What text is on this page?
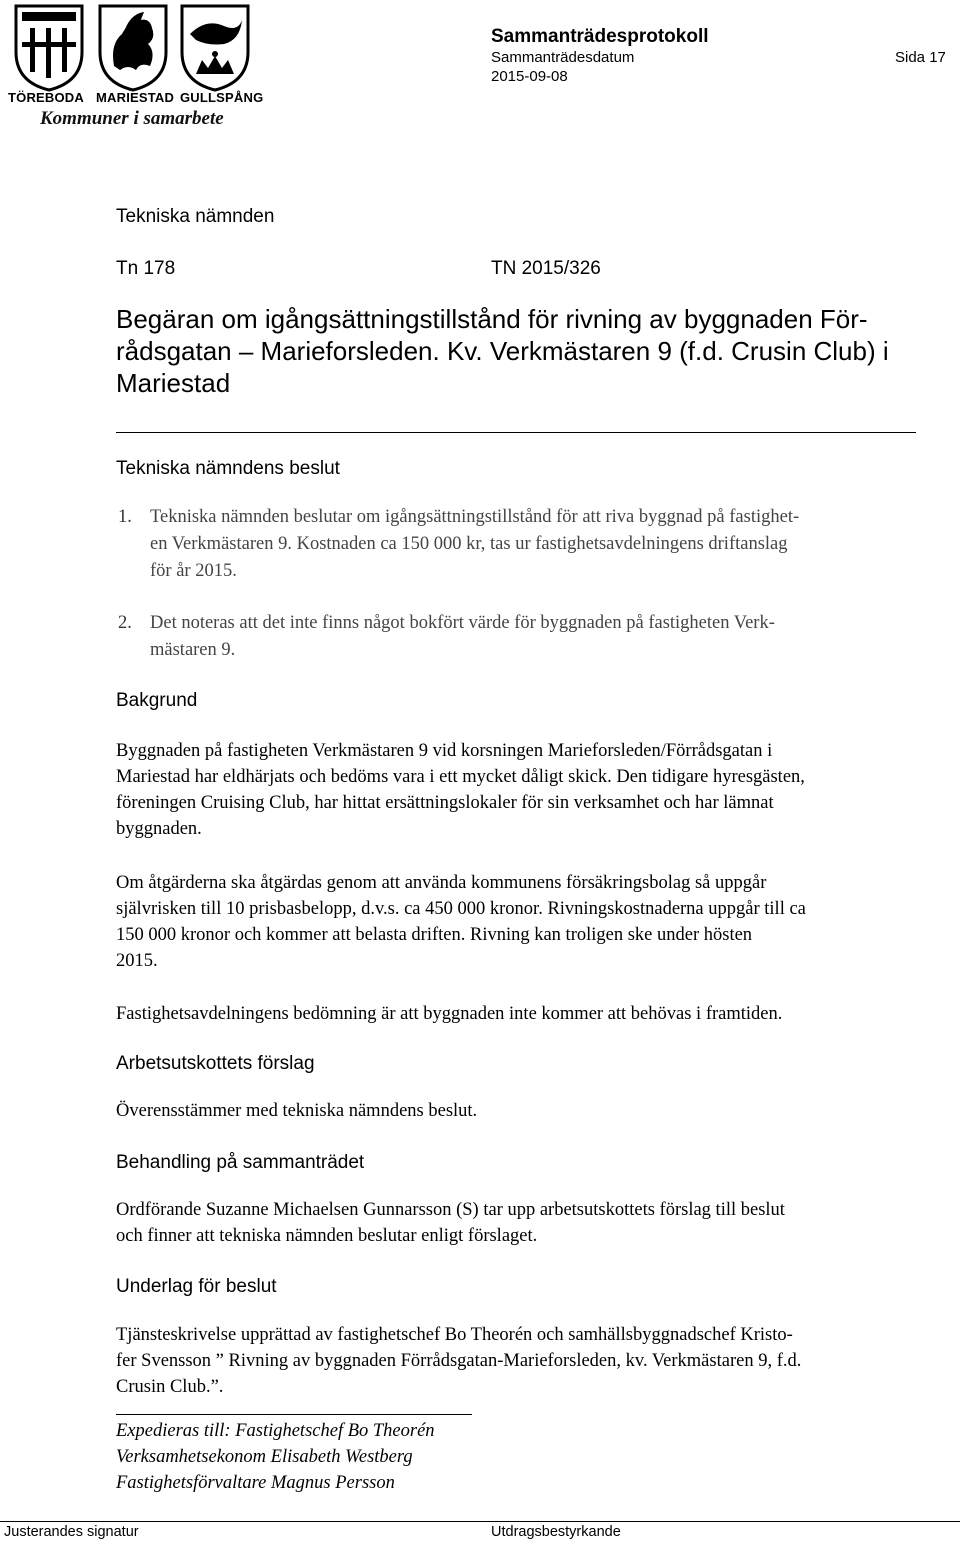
TÖREBODA MARIESTAD GULLSPÅNG
Kommuner i samarbete
Sammanträdesprotokoll
Sammanträdesdatum
2015-09-08
Sida 17
Tekniska nämnden
Tn 178	TN 2015/326
Begäran om igångsättningstillstånd för rivning av byggnaden För-
rådsgatan – Marieforsleden. Kv. Verkmästaren 9 (f.d. Crusin Club) i
Mariestad
Tekniska nämndens beslut
1. Tekniska nämnden beslutar om igångsättningstillstånd för att riva byggnad på fastighet-
en Verkmästaren 9. Kostnaden ca 150 000 kr, tas ur fastighetsavdelningens driftanslag
för år 2015.
2. Det noteras att det inte finns något bokfört värde för byggnaden på fastigheten Verk-
mästaren 9.
Bakgrund
Byggnaden på fastigheten Verkmästaren 9 vid korsningen Marieforsleden/Förrådsgatan i
Mariestad har eldhärjats och bedöms vara i ett mycket dåligt skick. Den tidigare hyresgästen,
föreningen Cruising Club, har hittat ersättningslokaler för sin verksamhet och har lämnat
byggnaden.
Om åtgärderna ska åtgärdas genom att använda kommunens försäkringsbolag så uppgår
självrisken till 10 prisbasbelopp, d.v.s. ca 450 000 kronor. Rivningskostnaderna uppgår till ca
150 000 kronor och kommer att belasta driften. Rivning kan troligen ske under hösten
2015.
Fastighetsavdelningens bedömning är att byggnaden inte kommer att behövas i framtiden.
Arbetsutskottets förslag
Överensstämmer med tekniska nämndens beslut.
Behandling på sammanträdet
Ordförande Suzanne Michaelsen Gunnarsson (S) tar upp arbetsutskottets förslag till beslut
och finner att tekniska nämnden beslutar enligt förslaget.
Underlag för beslut
Tjänsteskrivelse upprättad av fastighetschef Bo Theorén och samhällsbyggnadschef Kristo-
fer Svensson ” Rivning av byggnaden Förrådsgatan-Marieforsleden, kv. Verkmästaren 9, f.d.
Crusin Club.”.
Expedieras till: Fastighetschef Bo Theorén
Verksamhetsekonom Elisabeth Westberg
Fastighetsförvaltare Magnus Persson
Justerandes signatur	Utdragsbestyrkande
